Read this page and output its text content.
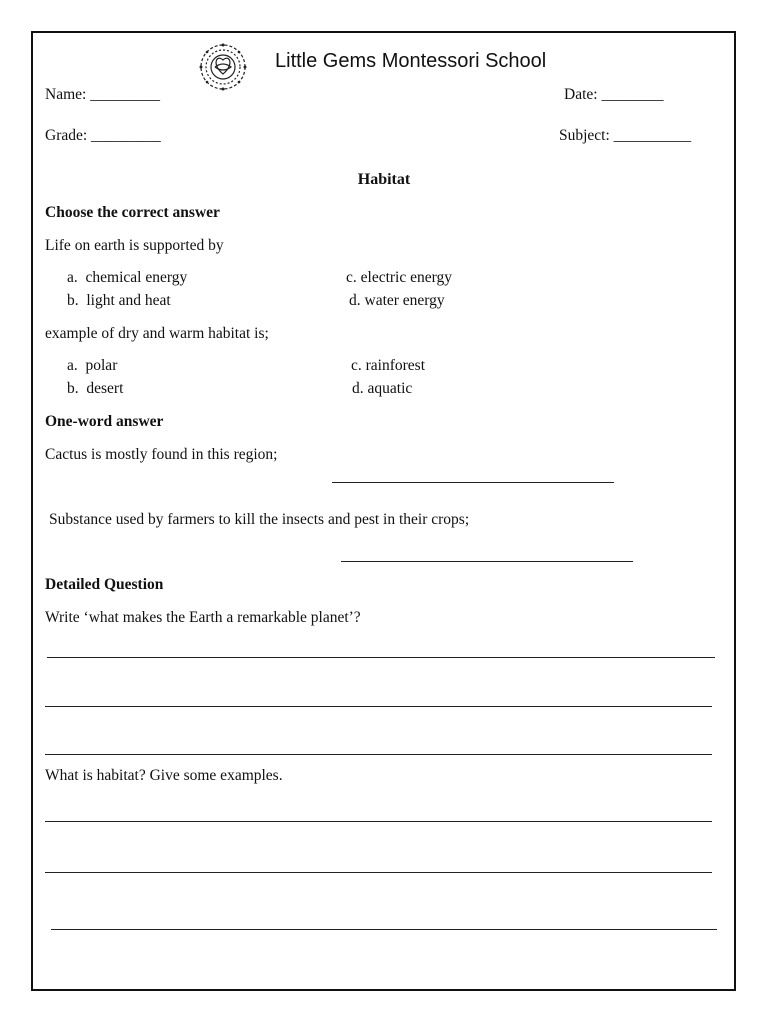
Little Gems Montessori School
Name: _________	Date: ________
Grade: _________	Subject: __________
Habitat
Choose the correct answer
Life on earth is supported by
a.  chemical energy
b.  light and heat
c. electric energy
d. water energy
example of dry and warm habitat is;
a.  polar
b.  desert
c. rainforest
d. aquatic
One-word answer
Cactus is mostly found in this region;
Substance used by farmers to kill the insects and pest in their crops;
Detailed Question
Write ‘what makes the Earth a remarkable planet’?
What is habitat? Give some examples.
